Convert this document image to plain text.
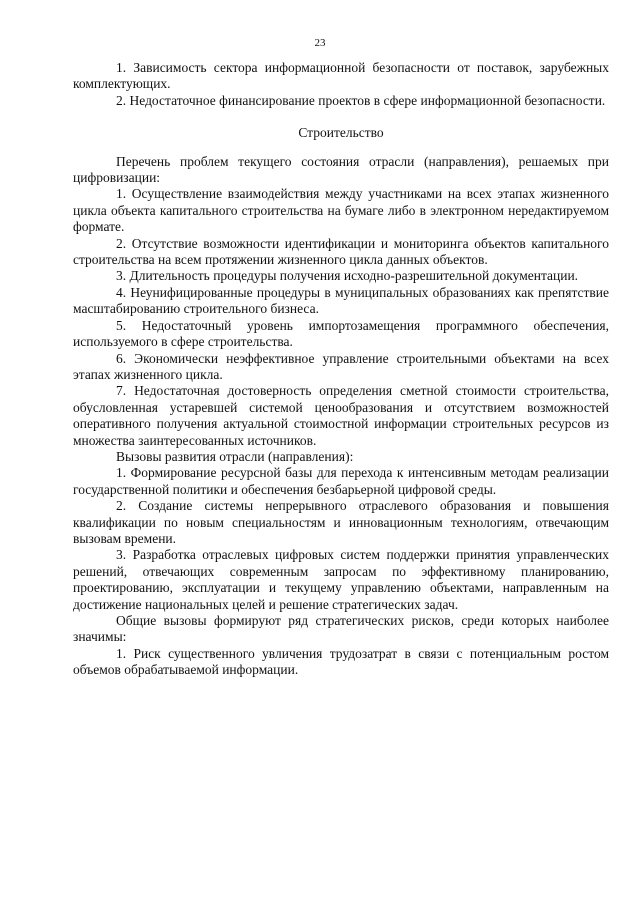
23

1. Зависимость сектора информационной безопасности от поставок, зарубежных комплектующих.

2. Недостаточное финансирование проектов в сфере информационной безопасности.

Строительство

Перечень проблем текущего состояния отрасли (направления), решаемых при цифровизации:

1. Осуществление взаимодействия между участниками на всех этапах жизненного цикла объекта капитального строительства на бумаге либо в электронном нередактируемом формате.

2. Отсутствие возможности идентификации и мониторинга объектов капитального строительства на всем протяжении жизненного цикла данных объектов.

3. Длительность процедуры получения исходно-разрешительной документации.

4. Неунифицированные процедуры в муниципальных образованиях как препятствие масштабированию строительного бизнеса.

5. Недостаточный уровень импортозамещения программного обеспечения, используемого в сфере строительства.

6. Экономически неэффективное управление строительными объектами на всех этапах жизненного цикла.

7. Недостаточная достоверность определения сметной стоимости строительства, обусловленная устаревшей системой ценообразования и отсутствием возможностей оперативного получения актуальной стоимостной информации строительных ресурсов из множества заинтересованных источников.

Вызовы развития отрасли (направления):

1. Формирование ресурсной базы для перехода к интенсивным методам реализации государственной политики и обеспечения безбарьерной цифровой среды.

2. Создание системы непрерывного отраслевого образования и повышения квалификации по новым специальностям и инновационным технологиям, отвечающим вызовам времени.

3. Разработка отраслевых цифровых систем поддержки принятия управленческих решений, отвечающих современным запросам по эффективному планированию, проектированию, эксплуатации и текущему управлению объектами, направленным на достижение национальных целей и решение стратегических задач.

Общие вызовы формируют ряд стратегических рисков, среди которых наиболее значимы:

1. Риск существенного увличения трудозатрат в связи с потенциальным ростом объемов обрабатываемой информации.
